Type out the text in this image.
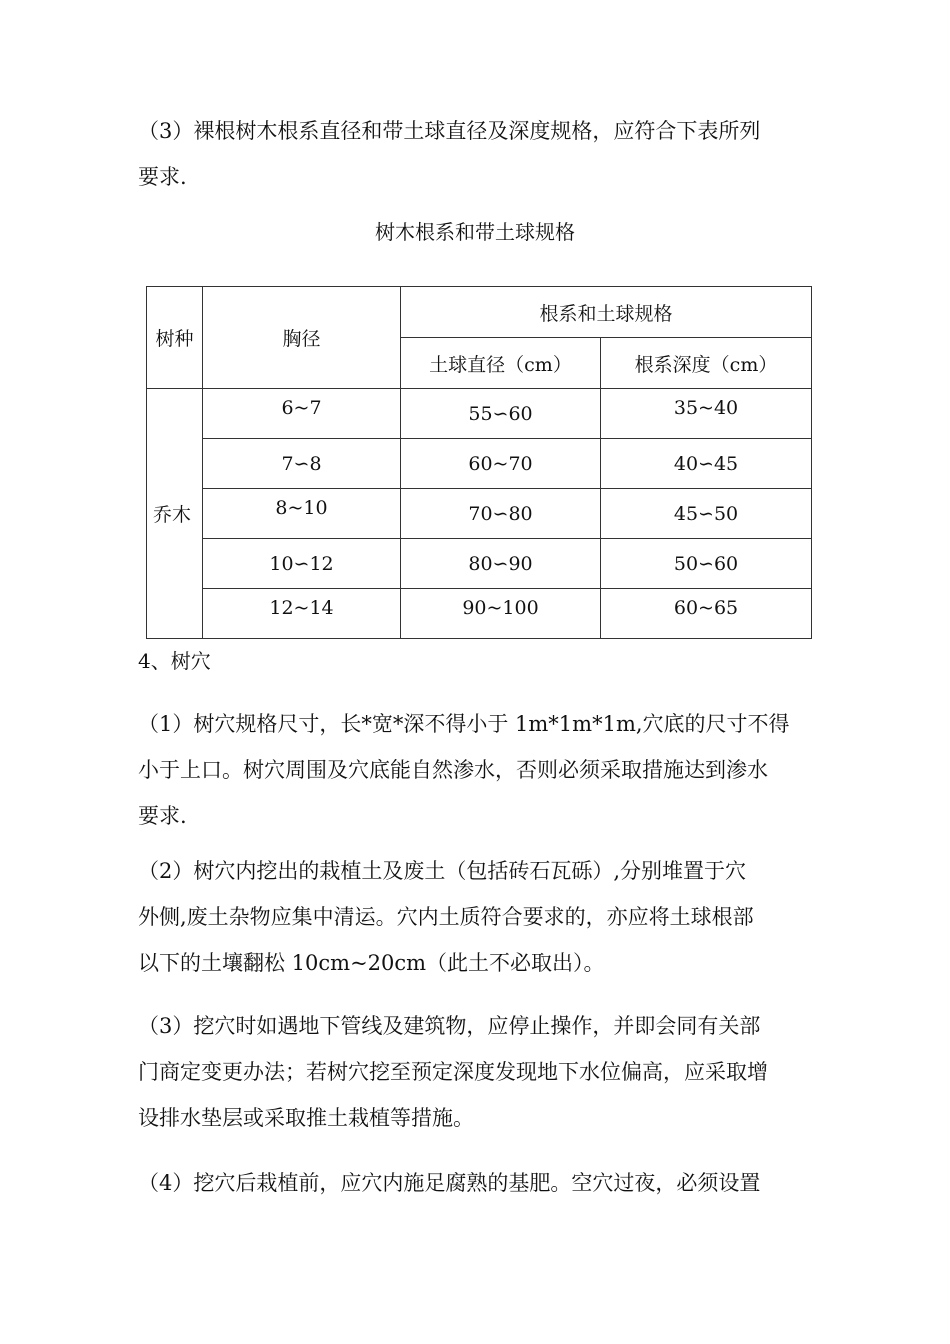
（3）裸根树木根系直径和带土球直径及深度规格，应符合下表所列
要求.

树木根系和带土球规格
树种	胸径	根系和土球规格	
		土球直径（cm）	根系深度（cm）
乔木	6~7	55∽60	35~40
	7∽8	60~70	40∽45
	8~10	70∽80	45∽50
	10∽12	80∽90	50∽60
	12~14	90~100	60~65
4、树穴

（1）树穴规格尺寸，长*宽*深不得小于 1m*1m*1m,穴底的尺寸不得
小于上口。树穴周围及穴底能自然渗水，否则必须采取措施达到渗水
要求.

（2）树穴内挖出的栽植土及废土（包括砖石瓦砾）,分别堆置于穴
外侧,废土杂物应集中清运。穴内土质符合要求的，亦应将土球根部
以下的土壤翻松 10cm~20cm（此土不必取出）。

（3）挖穴时如遇地下管线及建筑物，应停止操作，并即会同有关部
门商定变更办法；若树穴挖至预定深度发现地下水位偏高，应采取增
设排水垫层或采取推土栽植等措施。

（4）挖穴后栽植前，应穴内施足腐熟的基肥。空穴过夜，必须设置
